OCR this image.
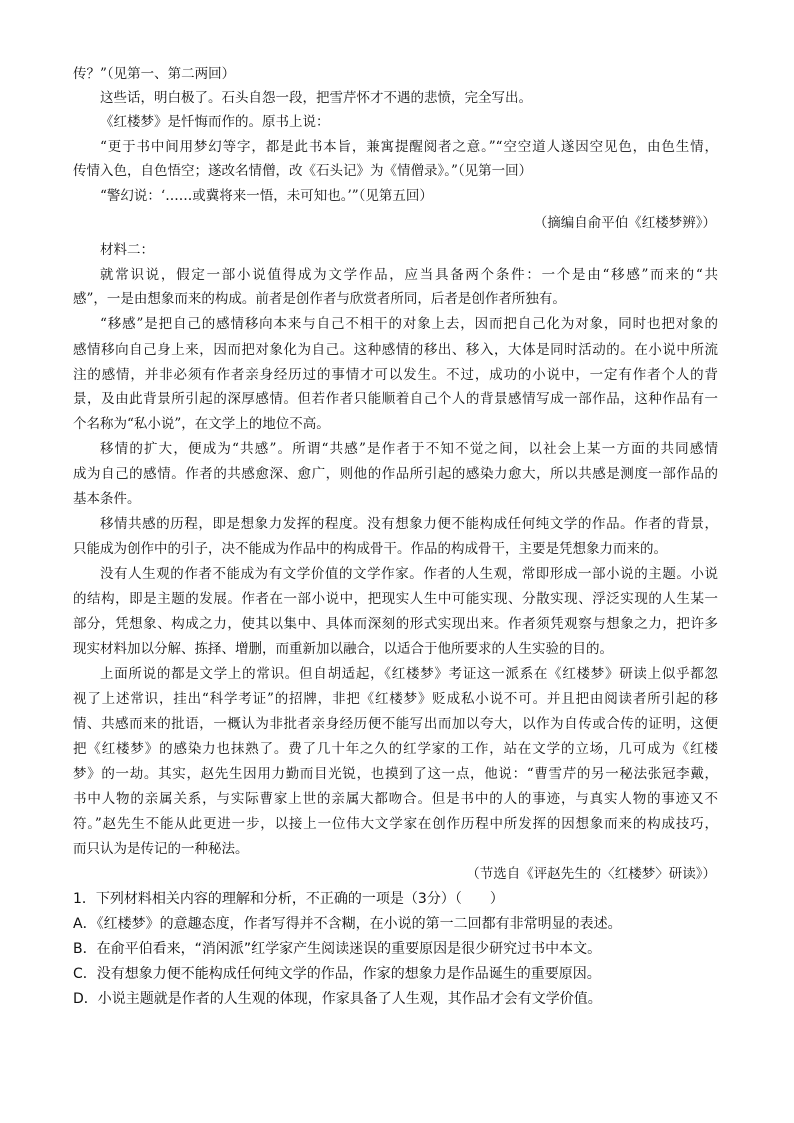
传？”（见第一、第二两回）
这些话，明白极了。石头自怨一段，把雪芹怀才不遇的悲愤，完全写出。
《红楼梦》是忏悔而作的。原书上说：
“更于书中间用梦幻等字，都是此书本旨，兼寓提醒阅者之意。”“空空道人遂因空见色，由色生情，
传情入色，自色悟空；遂改名情僧，改《石头记》为《情僧录》。”（见第一回）
“警幻说：‘……或冀将来一悟，未可知也。’”（见第五回）
（摘编自俞平伯《红楼梦辨》）
材料二：
就常识说，假定一部小说值得成为文学作品，应当具备两个条件：一个是由“移感”而来的“共
感”，一是由想象而来的构成。前者是创作者与欣赏者所同，后者是创作者所独有。
“移感”是把自己的感情移向本来与自己不相干的对象上去，因而把自己化为对象，同时也把对象的
感情移向自己身上来，因而把对象化为自己。这种感情的移出、移入，大体是同时活动的。在小说中所流
注的感情，并非必须有作者亲身经历过的事情才可以发生。不过，成功的小说中，一定有作者个人的背
景，及由此背景所引起的深厚感情。但若作者只能顺着自己个人的背景感情写成一部作品，这种作品有一
个名称为“私小说”，在文学上的地位不高。
移情的扩大，便成为“共感”。所谓“共感”是作者于不知不觉之间，以社会上某一方面的共同感情
成为自己的感情。作者的共感愈深、愈广，则他的作品所引起的感染力愈大，所以共感是测度一部作品的
基本条件。
移情共感的历程，即是想象力发挥的程度。没有想象力便不能构成任何纯文学的作品。作者的背景，
只能成为创作中的引子，决不能成为作品中的构成骨干。作品的构成骨干，主要是凭想象力而来的。
没有人生观的作者不能成为有文学价值的文学作家。作者的人生观，常即形成一部小说的主题。小说
的结构，即是主题的发展。作者在一部小说中，把现实人生中可能实现、分散实现、浮泛实现的人生某一
部分，凭想象、构成之力，使其以集中、具体而深刻的形式实现出来。作者须凭观察与想象之力，把许多
现实材料加以分解、拣择、增删，而重新加以融合，以适合于他所要求的人生实验的目的。
上面所说的都是文学上的常识。但自胡适起，《红楼梦》考证这一派系在《红楼梦》研读上似乎都忽
视了上述常识，挂出“科学考证”的招牌，非把《红楼梦》贬成私小说不可。并且把由阅读者所引起的移
情、共感而来的批语，一概认为非批者亲身经历便不能写出而加以夸大，以作为自传或合传的证明，这便
把《红楼梦》的感染力也抹熟了。费了几十年之久的红学家的工作，站在文学的立场，几可成为《红楼
梦》的一劫。其实，赵先生因用力勤而目光锐，也摸到了这一点，他说：“曹雪芹的另一秘法张冠李戴，
书中人物的亲属关系，与实际曹家上世的亲属大都吻合。但是书中的人的事迹，与真实人物的事迹又不
符。”赵先生不能从此更进一步，以接上一位伟大文学家在创作历程中所发挥的因想象而来的构成技巧，
而只认为是传记的一种秘法。
（节选自《评赵先生的〈红楼梦〉研读》）
1．下列材料相关内容的理解和分析，不正确的一项是（3分）（　　）
A．《红楼梦》的意趣态度，作者写得并不含糊，在小说的第一二回都有非常明显的表述。
B．在俞平伯看来，“消闲派”红学家产生阅读迷误的重要原因是很少研究过书中本文。
C．没有想象力便不能构成任何纯文学的作品，作家的想象力是作品诞生的重要原因。
D．小说主题就是作者的人生观的体现，作家具备了人生观，其作品才会有文学价值。
